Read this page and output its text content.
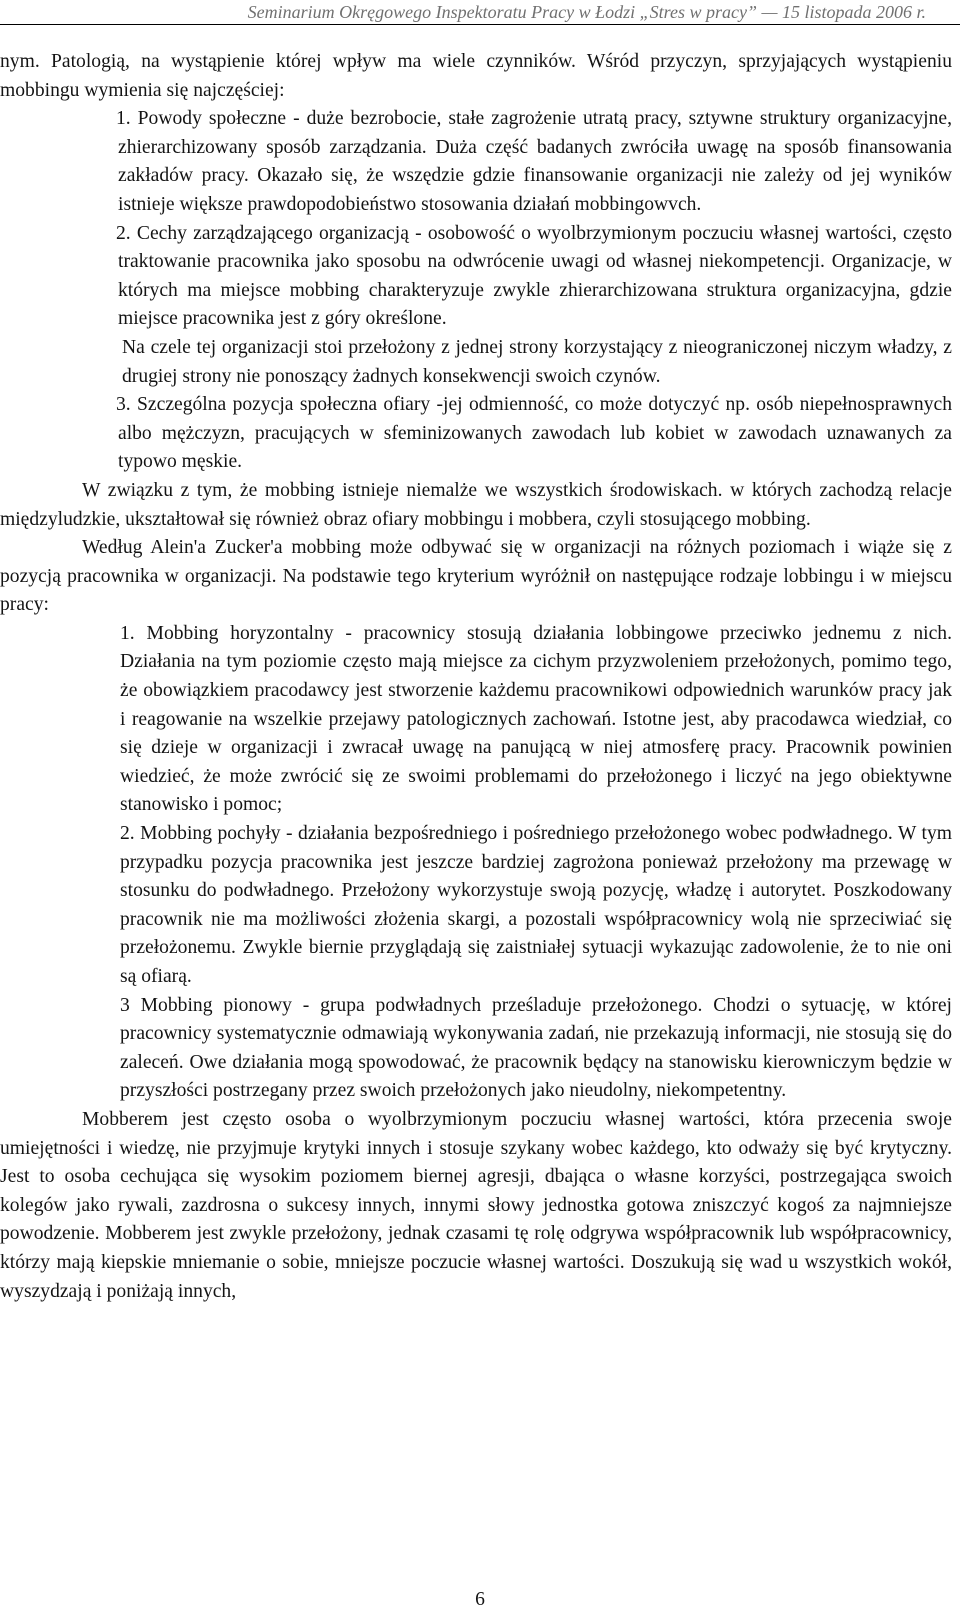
Seminarium Okręgowego Inspektoratu Pracy w Łodzi „Stres w pracy” — 15 listopada 2006 r.

nym. Patologią, na wystąpienie której wpływ ma wiele czynników. Wśród przyczyn, sprzyjających wystąpieniu mobbingu wymienia się najczęściej:

1. Powody społeczne - duże bezrobocie, stałe zagrożenie utratą pracy, sztywne struktury organizacyjne, zhierarchizowany sposób zarządzania. Duża część badanych zwróciła uwagę na sposób finansowania zakładów pracy. Okazało się, że wszędzie gdzie finansowanie organizacji nie zależy od jej wyników istnieje większe prawdopodobieństwo stosowania działań mobbingowvch.

2. Cechy zarządzającego organizacją - osobowość o wyolbrzymionym poczuciu własnej wartości, często traktowanie pracownika jako sposobu na odwrócenie uwagi od własnej niekompetencji. Organizacje, w których ma miejsce mobbing charakteryzuje zwykle zhierarchizowana struktura organizacyjna, gdzie miejsce pracownika jest z góry określone.

Na czele tej organizacji stoi przełożony z jednej strony korzystający z nieograniczonej niczym władzy, z drugiej strony nie ponoszący żadnych konsekwencji swoich czynów.

3. Szczególna pozycja społeczna ofiary -jej odmienność, co może dotyczyć np. osób niepełnosprawnych albo mężczyzn, pracujących w sfeminizowanych zawodach lub kobiet w zawodach uznawanych za typowo męskie.

W związku z tym, że mobbing istnieje niemalże we wszystkich środowiskach. w których zachodzą relacje międzyludzkie, ukształtował się również obraz ofiary mobbingu i mobbera, czyli stosującego mobbing.

Według Alein'a Zucker'a mobbing może odbywać się w organizacji na różnych poziomach i wiąże się z pozycją pracownika w organizacji. Na podstawie tego kryterium wyróżnił on następujące rodzaje lobbingu i w miejscu pracy:

1. Mobbing horyzontalny - pracownicy stosują działania lobbingowe przeciwko jednemu z nich. Działania na tym poziomie często mają miejsce za cichym przyzwoleniem przełożonych, pomimo tego, że obowiązkiem pracodawcy jest stworzenie każdemu pracownikowi odpowiednich warunków pracy jak i reagowanie na wszelkie przejawy patologicznych zachowań. Istotne jest, aby pracodawca wiedział, co się dzieje w organizacji i zwracał uwagę na panującą w niej atmosferę pracy. Pracownik powinien wiedzieć, że może zwrócić się ze swoimi problemami do przełożonego i liczyć na jego obiektywne stanowisko i pomoc;

2. Mobbing pochyły - działania bezpośredniego i pośredniego przełożonego wobec podwładnego. W tym przypadku pozycja pracownika jest jeszcze bardziej zagrożona ponieważ przełożony ma przewagę w stosunku do podwładnego. Przełożony wykorzystuje swoją pozycję, władzę i autorytet. Poszkodowany pracownik nie ma możliwości złożenia skargi, a pozostali współpracownicy wolą nie sprzeciwiać się przełożonemu. Zwykle biernie przyglądają się zaistniałej sytuacji wykazując zadowolenie, że to nie oni są ofiarą.

3 Mobbing pionowy - grupa podwładnych prześladuje przełożonego. Chodzi o sytuację, w której pracownicy systematycznie odmawiają wykonywania zadań, nie przekazują informacji, nie stosują się do zaleceń. Owe działania mogą spowodować, że pracownik będący na stanowisku kierowniczym będzie w przyszłości postrzegany przez swoich przełożonych jako nieudolny, niekompetentny.

Mobberem jest często osoba o wyolbrzymionym poczuciu własnej wartości, która przecenia swoje umiejętności i wiedzę, nie przyjmuje krytyki innych i stosuje szykany wobec każdego, kto odważy się być krytyczny. Jest to osoba cechująca się wysokim poziomem biernej agresji, dbająca o własne korzyści, postrzegająca swoich kolegów jako rywali, zazdrosna o sukcesy innych, innymi słowy jednostka gotowa zniszczyć kogoś za najmniejsze powodzenie. Mobberem jest zwykle przełożony, jednak czasami tę rolę odgrywa współpracownik lub współpracownicy, którzy mają kiepskie mniemanie o sobie, mniejsze poczucie własnej wartości. Doszukują się wad u wszystkich wokół, wyszydzają i poniżają innych,

6
